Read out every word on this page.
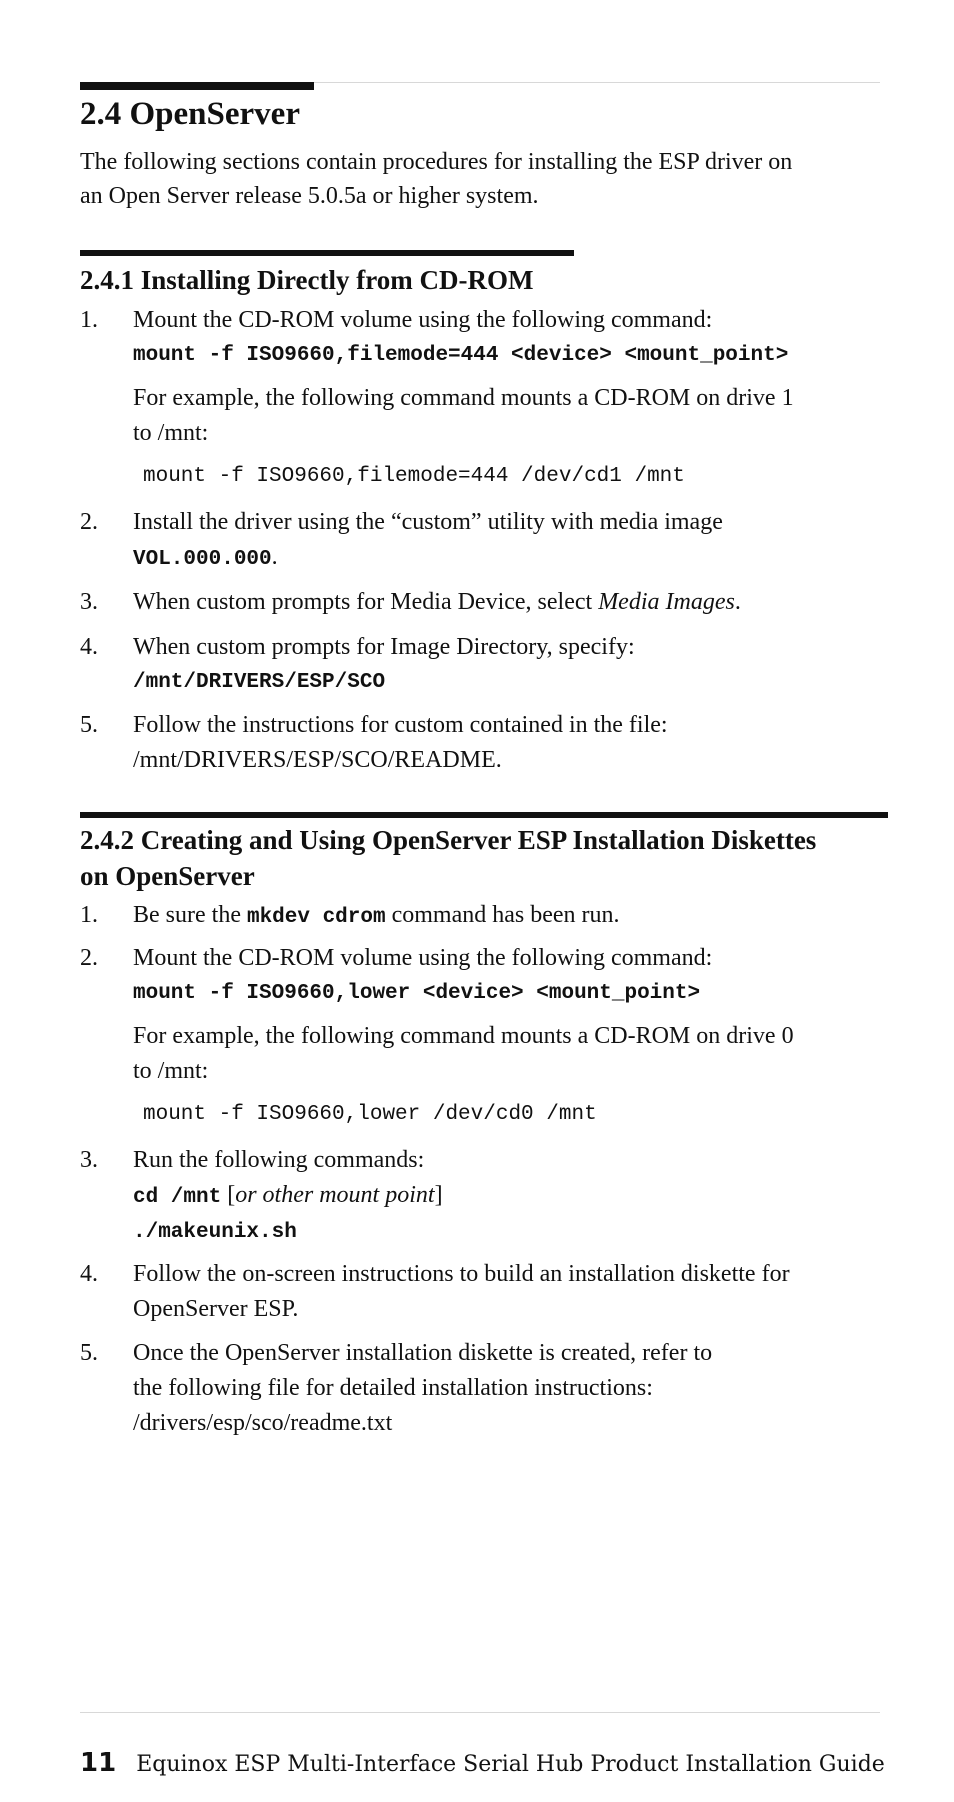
2.4 OpenServer

The following sections contain procedures for installing the ESP driver on
an Open Server release 5.0.5a or higher system.

2.4.1 Installing Directly from CD-ROM
1. Mount the CD-ROM volume using the following command:
mount -f ISO9660,filemode=444 <device> <mount_point>
For example, the following command mounts a CD-ROM on drive 1
to /mnt:
mount -f ISO9660,filemode=444 /dev/cd1 /mnt
2. Install the driver using the “custom” utility with media image
VOL.000.000.
3. When custom prompts for Media Device, select Media Images.
4. When custom prompts for Image Directory, specify:
/mnt/DRIVERS/ESP/SCO
5. Follow the instructions for custom contained in the file:
/mnt/DRIVERS/ESP/SCO/README.
2.4.2 Creating and Using OpenServer ESP Installation Diskettes
on OpenServer
1. Be sure the mkdev cdrom command has been run.
2. Mount the CD-ROM volume using the following command:
mount -f ISO9660,lower <device> <mount_point>
For example, the following command mounts a CD-ROM on drive 0
to /mnt:
mount -f ISO9660,lower /dev/cd0 /mnt
3. Run the following commands:
cd /mnt [or other mount point]
./makeunix.sh
4. Follow the on-screen instructions to build an installation diskette for
OpenServer ESP.
5. Once the OpenServer installation diskette is created, refer to
the following file for detailed installation instructions:
/drivers/esp/sco/readme.txt
11 Equinox ESP Multi-Interface Serial Hub Product Installation Guide
